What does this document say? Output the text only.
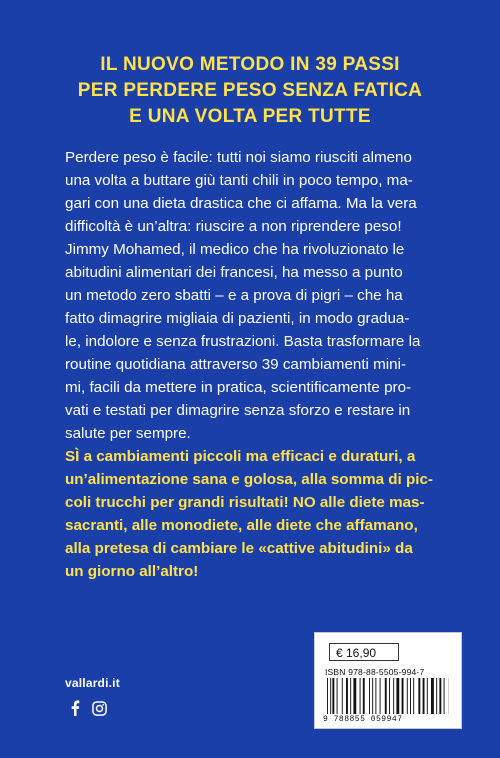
IL NUOVO METODO IN 39 PASSI
PER PERDERE PESO SENZA FATICA
E UNA VOLTA PER TUTTE
Perdere peso è facile: tutti noi siamo riusciti almeno
una volta a buttare giù tanti chili in poco tempo, ma-
gari con una dieta drastica che ci affama. Ma la vera
difficoltà è un’altra: riuscire a non riprendere peso!
Jimmy Mohamed, il medico che ha rivoluzionato le
abitudini alimentari dei francesi, ha messo a punto
un metodo zero sbatti – e a prova di pigri – che ha
fatto dimagrire migliaia di pazienti, in modo gradua-
le, indolore e senza frustrazioni. Basta trasformare la
routine quotidiana attraverso 39 cambiamenti mini-
mi, facili da mettere in pratica, scientificamente pro-
vati e testati per dimagrire senza sforzo e restare in
salute per sempre.
SÌ a cambiamenti piccoli ma efficaci e duraturi, a
un’alimentazione sana e golosa, alla somma di pic-
coli trucchi per grandi risultati! NO alle diete mas-
sacranti, alle monodiete, alle diete che affamano,
alla pretesa di cambiare le «cattive abitudini» da
un giorno all’altro!
vallardi.it
€ 16,90
ISBN 978-88-5505-994-7
9 788855 059947
